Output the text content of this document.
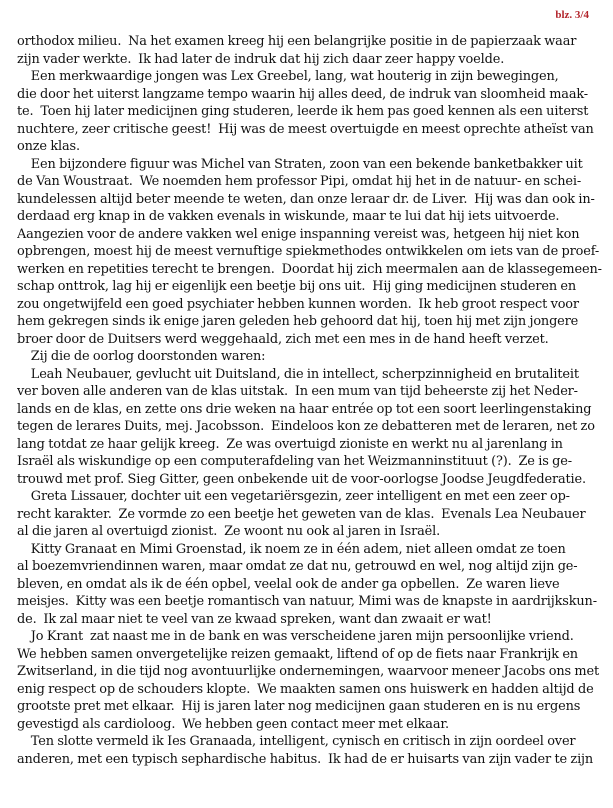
blz. 3/4
orthodox milieu.  Na het examen kreeg hij een belangrijke positie in de papierzaak waar
zijn vader werkte.  Ik had later de indruk dat hij zich daar zeer happy voelde.
Een merkwaardige jongen was Lex Greebel, lang, wat houterig in zijn bewegingen,
die door het uiterst langzame tempo waarin hij alles deed, de indruk van sloomheid maak-
te.  Toen hij later medicijnen ging studeren, leerde ik hem pas goed kennen als een uiterst
nuchtere, zeer critische geest!  Hij was de meest overtuigde en meest oprechte atheïst van
onze klas.
Een bijzondere figuur was Michel van Straten, zoon van een bekende banketbakker uit
de Van Woustraat.  We noemden hem professor Pipi, omdat hij het in de natuur- en schei-
kundelessen altijd beter meende te weten, dan onze leraar dr. de Liver.  Hij was dan ook in-
derdaad erg knap in de vakken evenals in wiskunde, maar te lui dat hij iets uitvoerde.
Aangezien voor de andere vakken wel enige inspanning vereist was, hetgeen hij niet kon
opbrengen, moest hij de meest vernuftige spiekmethodes ontwikkelen om iets van de proef-
werken en repetities terecht te brengen.  Doordat hij zich meermalen aan de klassegemeen-
schap onttrok, lag hij er eigenlijk een beetje bij ons uit.  Hij ging medicijnen studeren en
zou ongetwijfeld een goed psychiater hebben kunnen worden.  Ik heb groot respect voor
hem gekregen sinds ik enige jaren geleden heb gehoord dat hij, toen hij met zijn jongere
broer door de Duitsers werd weggehaald, zich met een mes in de hand heeft verzet.
Zij die de oorlog doorstonden waren:
Leah Neubauer, gevlucht uit Duitsland, die in intellect, scherpzinnigheid en brutaliteit
ver boven alle anderen van de klas uitstak.  In een mum van tijd beheerste zij het Neder-
lands en de klas, en zette ons drie weken na haar entrée op tot een soort leerlingenstaking
tegen de lerares Duits, mej. Jacobsson.  Eindeloos kon ze debatteren met de leraren, net zo
lang totdat ze haar gelijk kreeg.  Ze was overtuigd zioniste en werkt nu al jarenlang in
Israël als wiskundige op een computerafdeling van het Weizmanninstituut (?).  Ze is ge-
trouwd met prof. Sieg Gitter, geen onbekende uit de voor-oorlogse Joodse Jeugdfederatie.
Greta Lissauer, dochter uit een vegetariërsgezin, zeer intelligent en met een zeer op-
recht karakter.  Ze vormde zo een beetje het geweten van de klas.  Evenals Lea Neubauer
al die jaren al overtuigd zionist.  Ze woont nu ook al jaren in Israël.
Kitty Granaat en Mimi Groenstad, ik noem ze in één adem, niet alleen omdat ze toen
al boezemvriendinnen waren, maar omdat ze dat nu, getrouwd en wel, nog altijd zijn ge-
bleven, en omdat als ik de één opbel, veelal ook de ander ga opbellen.  Ze waren lieve
meisjes.  Kitty was een beetje romantisch van natuur, Mimi was de knapste in aardrijkskun-
de.  Ik zal maar niet te veel van ze kwaad spreken, want dan zwaait er wat!
Jo Krant  zat naast me in de bank en was verscheidene jaren mijn persoonlijke vriend.
We hebben samen onvergetelijke reizen gemaakt, liftend of op de fiets naar Frankrijk en
Zwitserland, in die tijd nog avontuurlijke ondernemingen, waarvoor meneer Jacobs ons met
enig respect op de schouders klopte.  We maakten samen ons huiswerk en hadden altijd de
grootste pret met elkaar.  Hij is jaren later nog medicijnen gaan studeren en is nu ergens
gevestigd als cardioloog.  We hebben geen contact meer met elkaar.
Ten slotte vermeld ik Ies Granaada, intelligent, cynisch en critisch in zijn oordeel over
anderen, met een typisch sephardische habitus.  Ik had de er huisarts van zijn vader te zijn
